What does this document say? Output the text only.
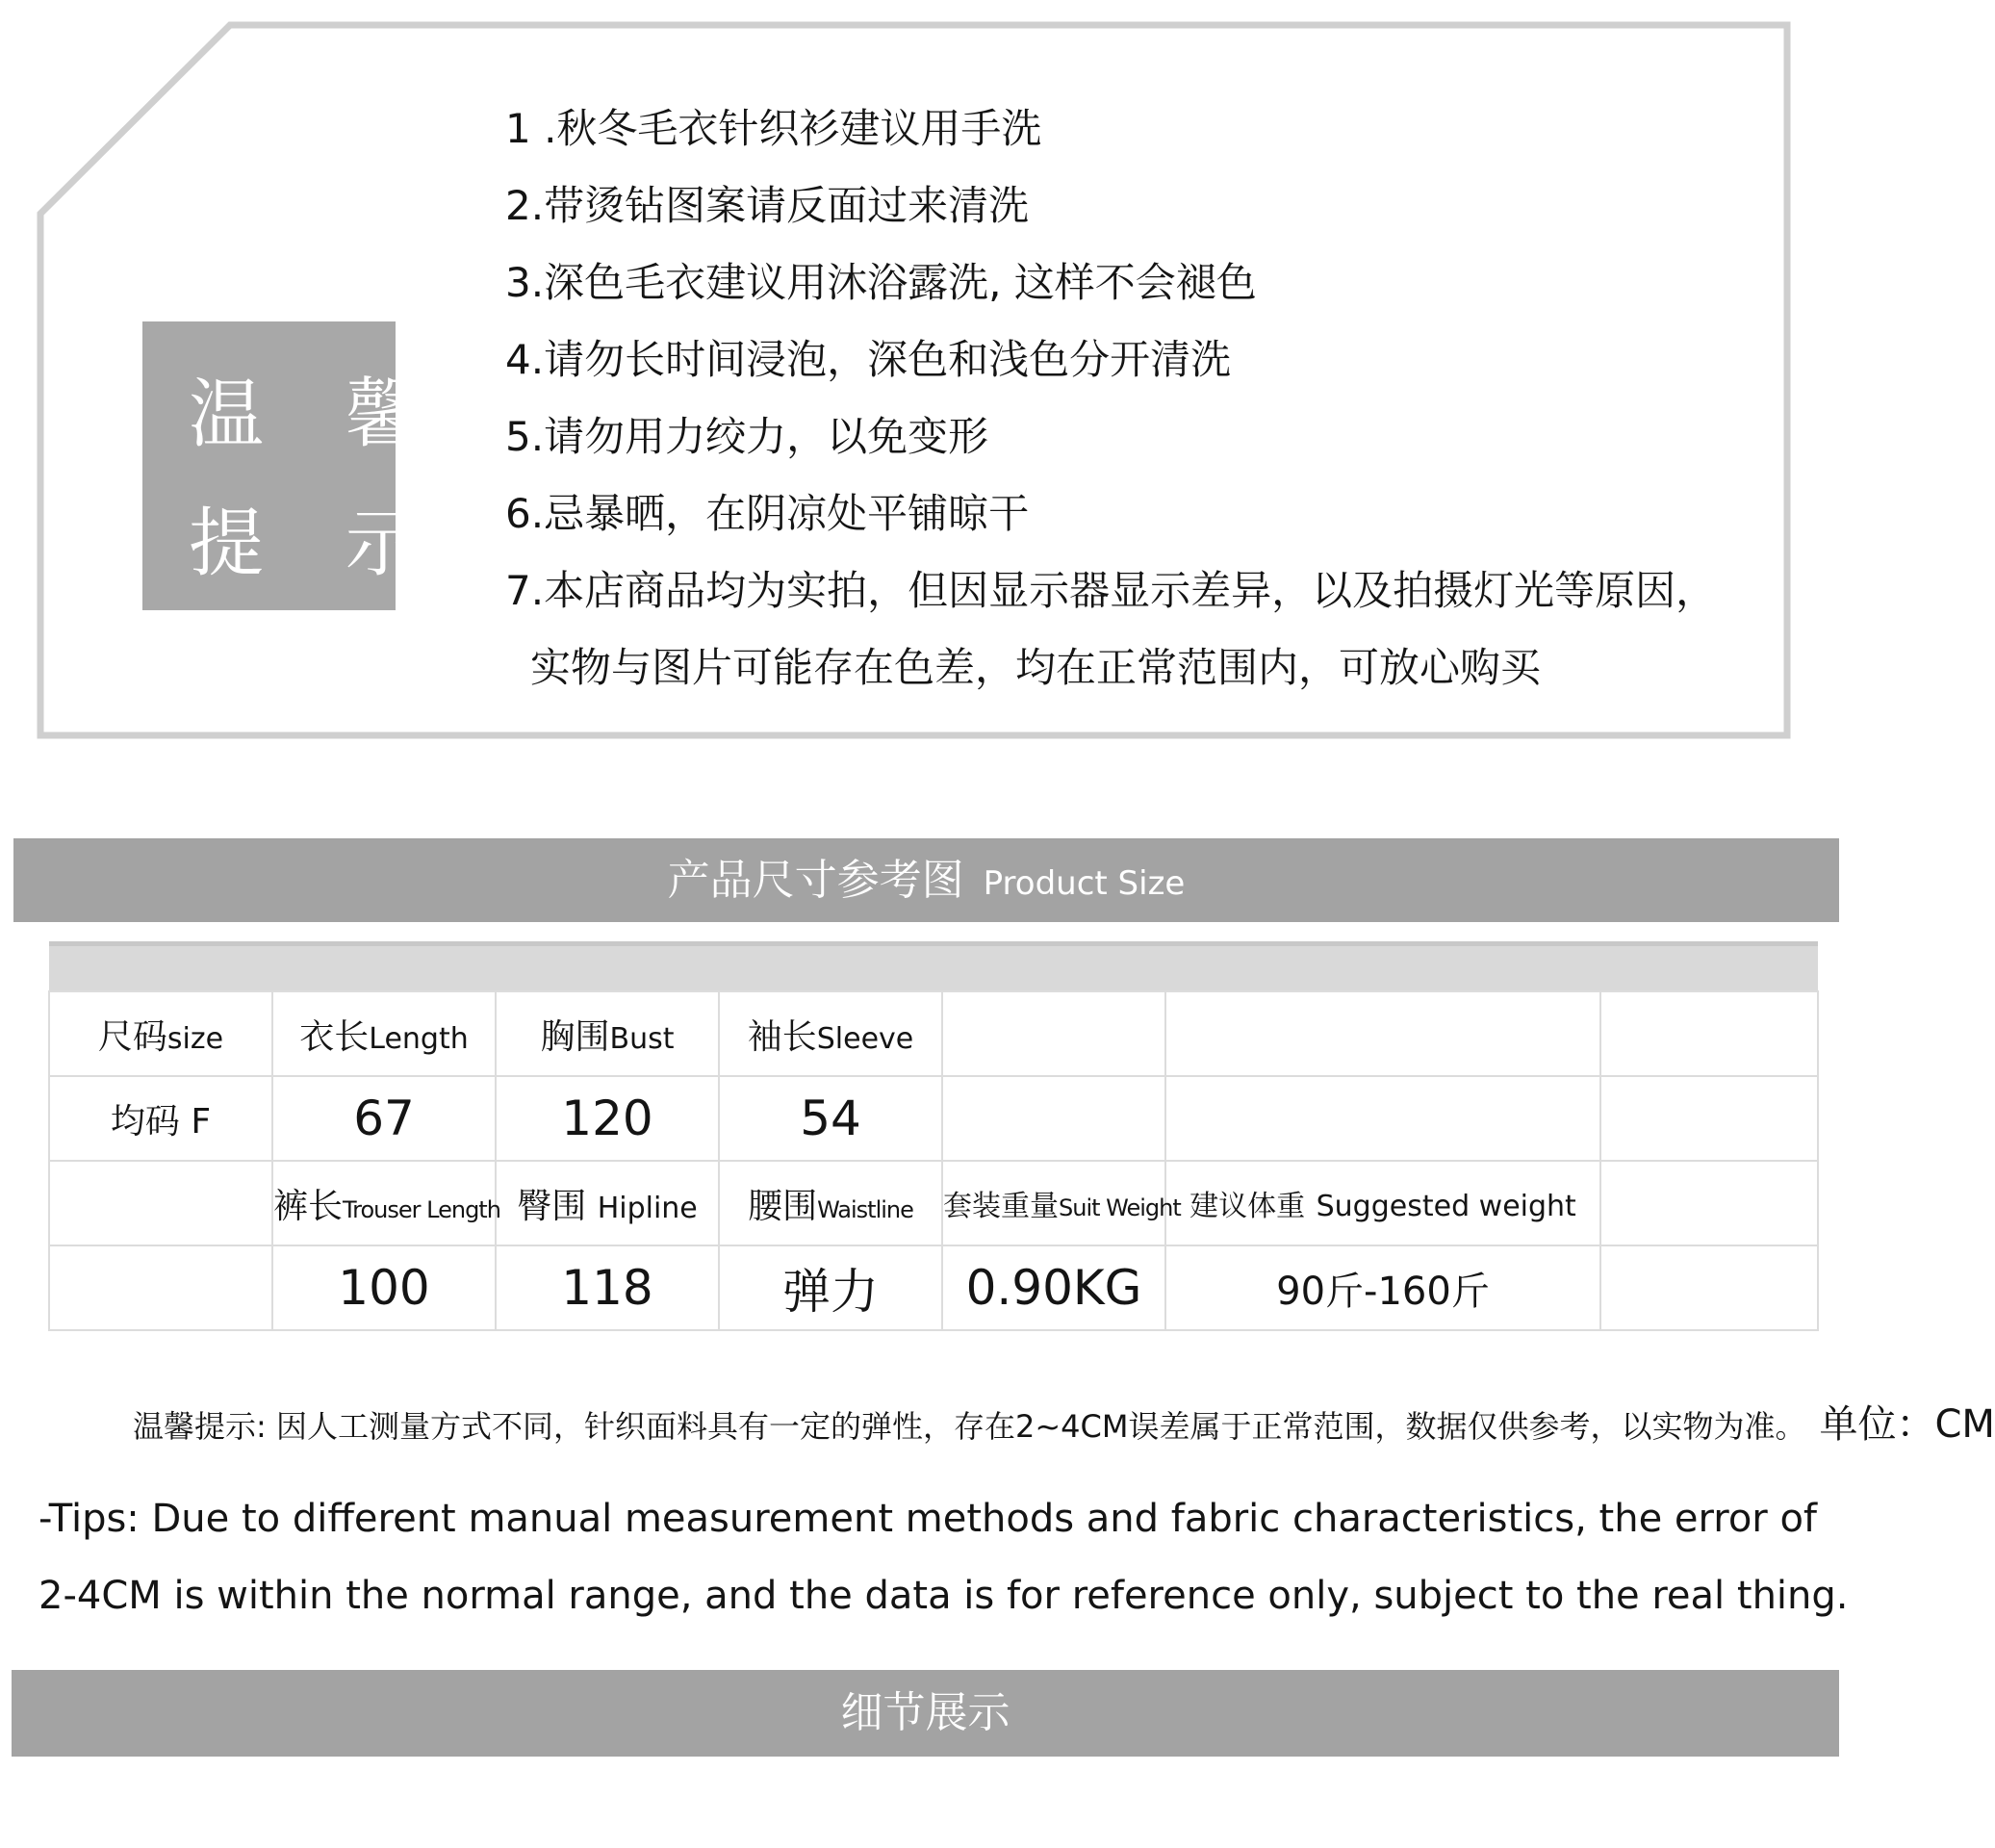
温 馨
提 示
1 .秋冬毛衣针织衫建议用手洗
2.带烫钻图案请反面过来清洗
3.深色毛衣建议用沐浴露洗, 这样不会褪色
4.请勿长时间浸泡，深色和浅色分开清洗
5.请勿用力绞力，以免变形
6.忌暴晒，在阴凉处平铺晾干
7.本店商品均为实拍，但因显示器显示差异，以及拍摄灯光等原因，
实物与图片可能存在色差，均在正常范围内，可放心购买
产品尺寸参考图 Product Size

尺码size	衣长Length	胸围Bust	袖长Sleeve			
均码 F	67	120	54			
	裤长Trouser Length	臀围 Hipline	腰围Waistline	套装重量Suit Weight	建议体重 Suggested weight	
	100	118	弹力	0.90KG	90斤-160斤	
温馨提示: 因人工测量方式不同，针织面料具有一定的弹性，存在2~4CM误差属于正常范围，数据仅供参考，以实物为准。 单位：CM
-Tips: Due to different manual measurement methods and fabric characteristics, the error of
2-4CM is within the normal range, and the data is for reference only, subject to the real thing.
细节展示
